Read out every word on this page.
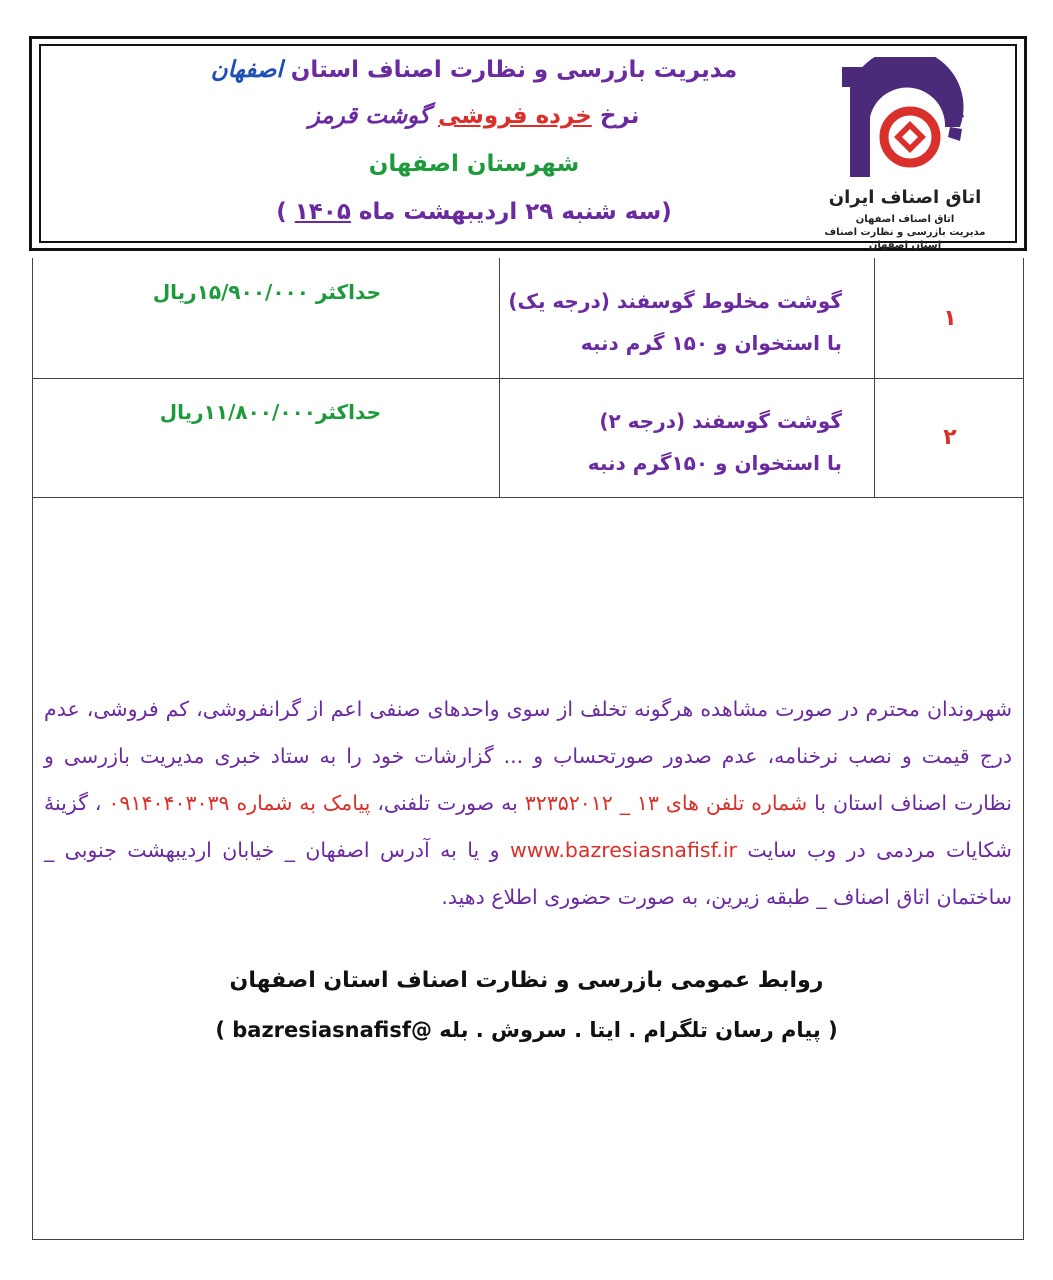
مدیریت بازرسی و نظارت اصناف استان اصفهان
نرخ خرده فروشی گوشت قرمز
شهرستان اصفهان
(سه شنبه ۲۹ اردیبهشت ماه ۱۴۰۵ )
اتاق اصناف ایران
اتاق اصناف اصفهان
مدیریت بازرسی و نظارت اصناف
استان اصفهان
۱
گوشت مخلوط گوسفند (درجه یک)
با استخوان و ۱۵۰ گرم دنبه
حداکثر ۱۵/۹۰۰/۰۰۰ریال
۲
گوشت گوسفند (درجه ۲)
با استخوان و ۱۵۰گرم دنبه
حداکثر۱۱/۸۰۰/۰۰۰ریال
شهروندان محترم در صورت مشاهده هرگونه تخلف از سوی واحدهای صنفی اعم از گرانفروشی، کم فروشی، عدم درج قیمت و نصب نرخنامه، عدم صدور صورتحساب و ... گزارشات خود را به ستاد خبری مدیریت بازرسی و نظارت اصناف استان با شماره تلفن های ۱۳ _ ۳۲۳۵۲۰۱۲ به صورت تلفنی، پیامک به شماره ۰۹۱۴۰۴۰۳۰۳۹ ، گزینهٔ شکایات مردمی در وب سایت www.bazresiasnafisf.ir و یا به آدرس اصفهان _ خیابان اردیبهشت جنوبی _ ساختمان اتاق اصناف _ طبقه زیرین، به صورت حضوری اطلاع دهید.
روابط عمومی بازرسی و نظارت اصناف استان اصفهان
( پیام رسان تلگرام . ایتا . سروش . بله @bazresiasnafisf )
